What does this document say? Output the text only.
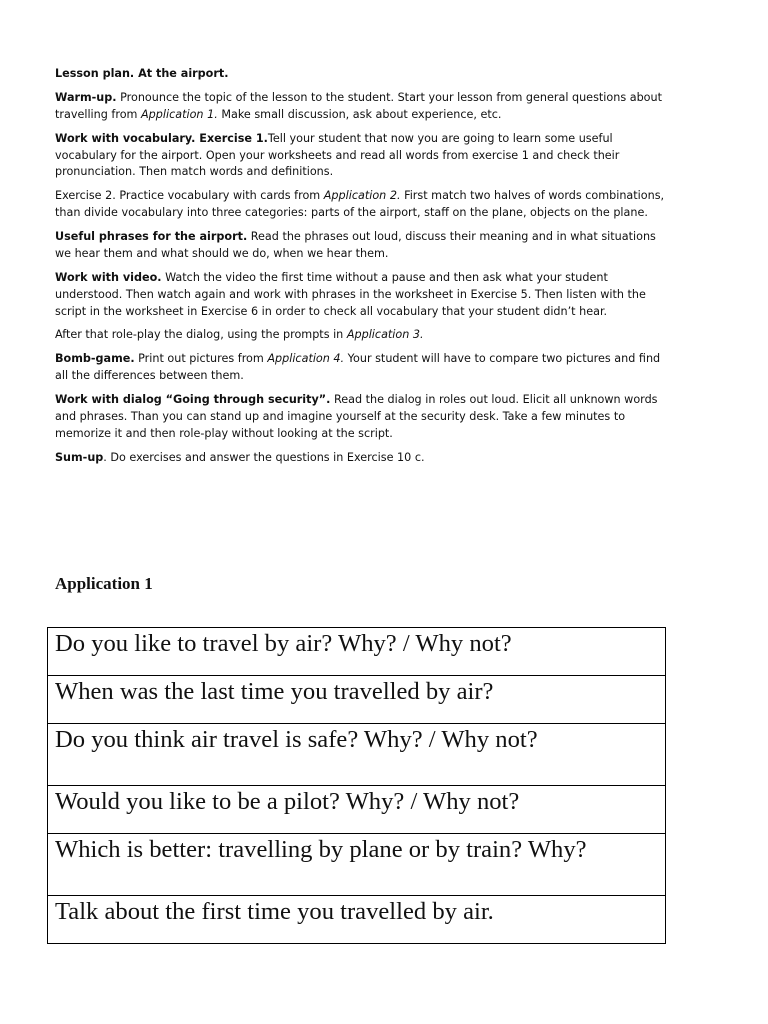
Lesson plan. At the airport.

Warm-up. Pronounce the topic of the lesson to the student. Start your lesson from general questions about travelling from Application 1. Make small discussion, ask about experience, etc.

Work with vocabulary. Exercise 1.Tell your student that now you are going to learn some useful vocabulary for the airport. Open your worksheets and read all words from exercise 1 and check their pronunciation. Then match words and definitions.

Exercise 2. Practice vocabulary with cards from Application 2. First match two halves of words combinations, than divide vocabulary into three categories: parts of the airport, staff on the plane, objects on the plane.

Useful phrases for the airport. Read the phrases out loud, discuss their meaning and in what situations we hear them and what should we do, when we hear them.

Work with video. Watch the video the first time without a pause and then ask what your student understood. Then watch again and work with phrases in the worksheet in Exercise 5. Then listen with the script in the worksheet in Exercise 6 in order to check all vocabulary that your student didn’t hear.

After that role-play the dialog, using the prompts in Application 3.

Bomb-game. Print out pictures from Application 4. Your student will have to compare two pictures and find all the differences between them.

Work with dialog “Going through security”. Read the dialog in roles out loud. Elicit all unknown words and phrases. Than you can stand up and imagine yourself at the security desk. Take a few minutes to memorize it and then role-play without looking at the script.

Sum-up. Do exercises and answer the questions in Exercise 10 c.

Application 1
Do you like to travel by air? Why? / Why not?
When was the last time you travelled by air?
Do you think air travel is safe? Why? / Why not?
Would you like to be a pilot? Why? / Why not?
Which is better: travelling by plane or by train? Why?
Talk about the first time you travelled by air.
